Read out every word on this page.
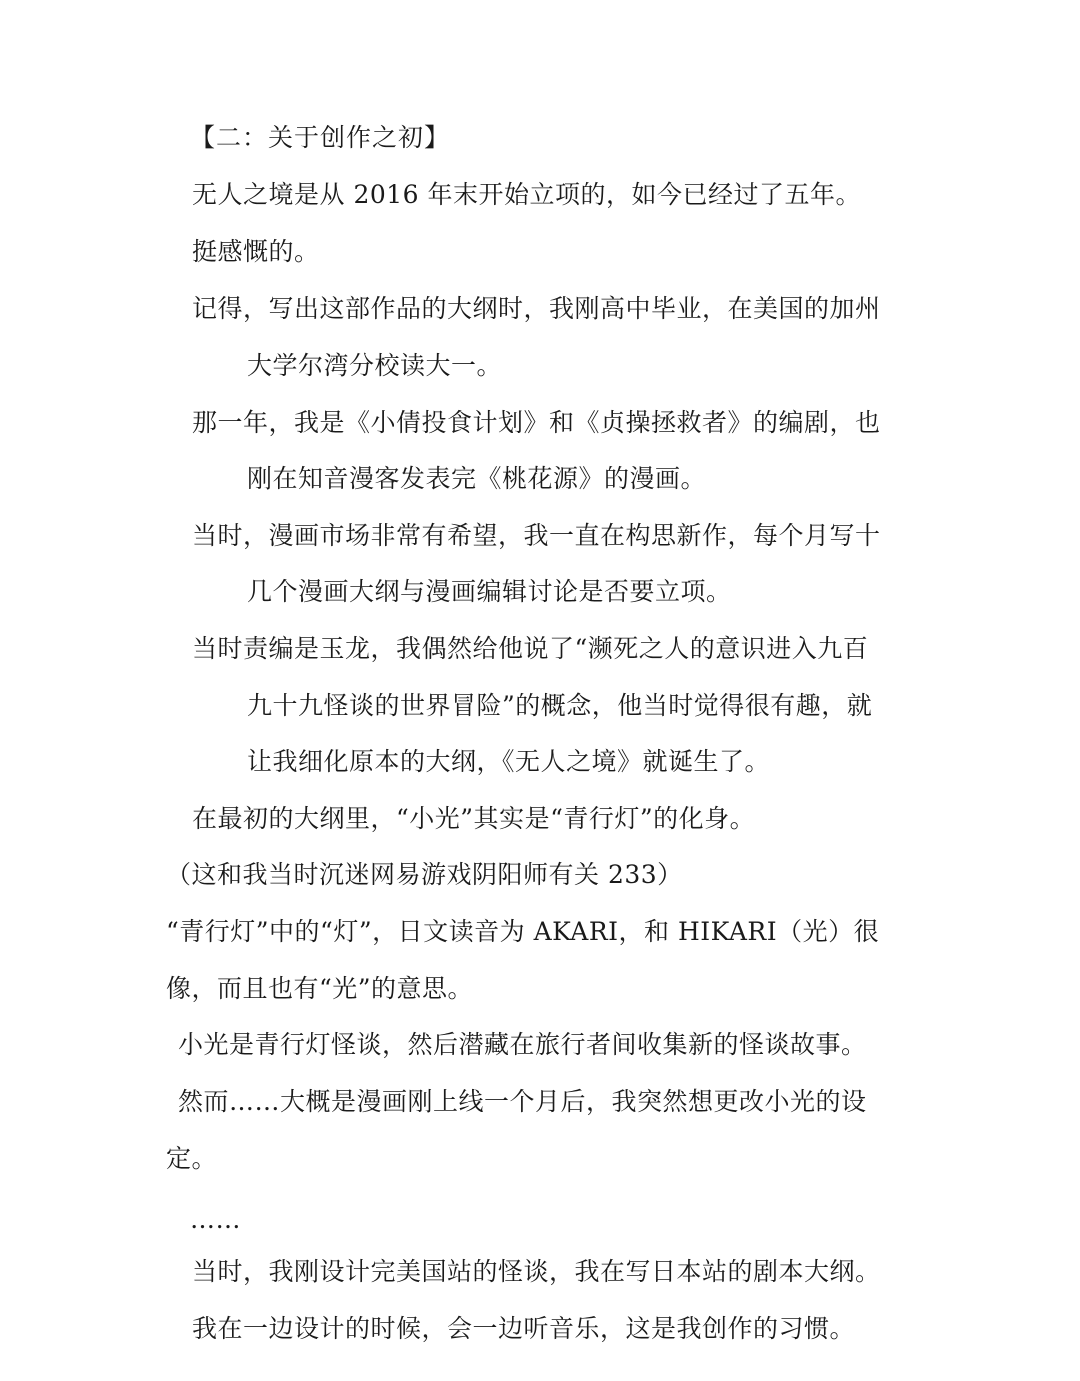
【二：关于创作之初】
无人之境是从 2016 年末开始立项的，如今已经过了五年。
挺感慨的。
记得，写出这部作品的大纲时，我刚高中毕业，在美国的加州
大学尔湾分校读大一。
那一年，我是《小倩投食计划》和《贞操拯救者》的编剧，也
刚在知音漫客发表完《桃花源》的漫画。
当时，漫画市场非常有希望，我一直在构思新作，每个月写十
几个漫画大纲与漫画编辑讨论是否要立项。
当时责编是玉龙，我偶然给他说了“濒死之人的意识进入九百
九十九怪谈的世界冒险”的概念，他当时觉得很有趣，就
让我细化原本的大纲，《无人之境》就诞生了。
在最初的大纲里，“小光”其实是“青行灯”的化身。
（这和我当时沉迷网易游戏阴阳师有关 233）
“青行灯”中的“灯”，日文读音为 AKARI，和 HIKARI（光）很
像，而且也有“光”的意思。
小光是青行灯怪谈，然后潜藏在旅行者间收集新的怪谈故事。
然而……大概是漫画刚上线一个月后，我突然想更改小光的设
定。
……
当时，我刚设计完美国站的怪谈，我在写日本站的剧本大纲。
我在一边设计的时候，会一边听音乐，这是我创作的习惯。
